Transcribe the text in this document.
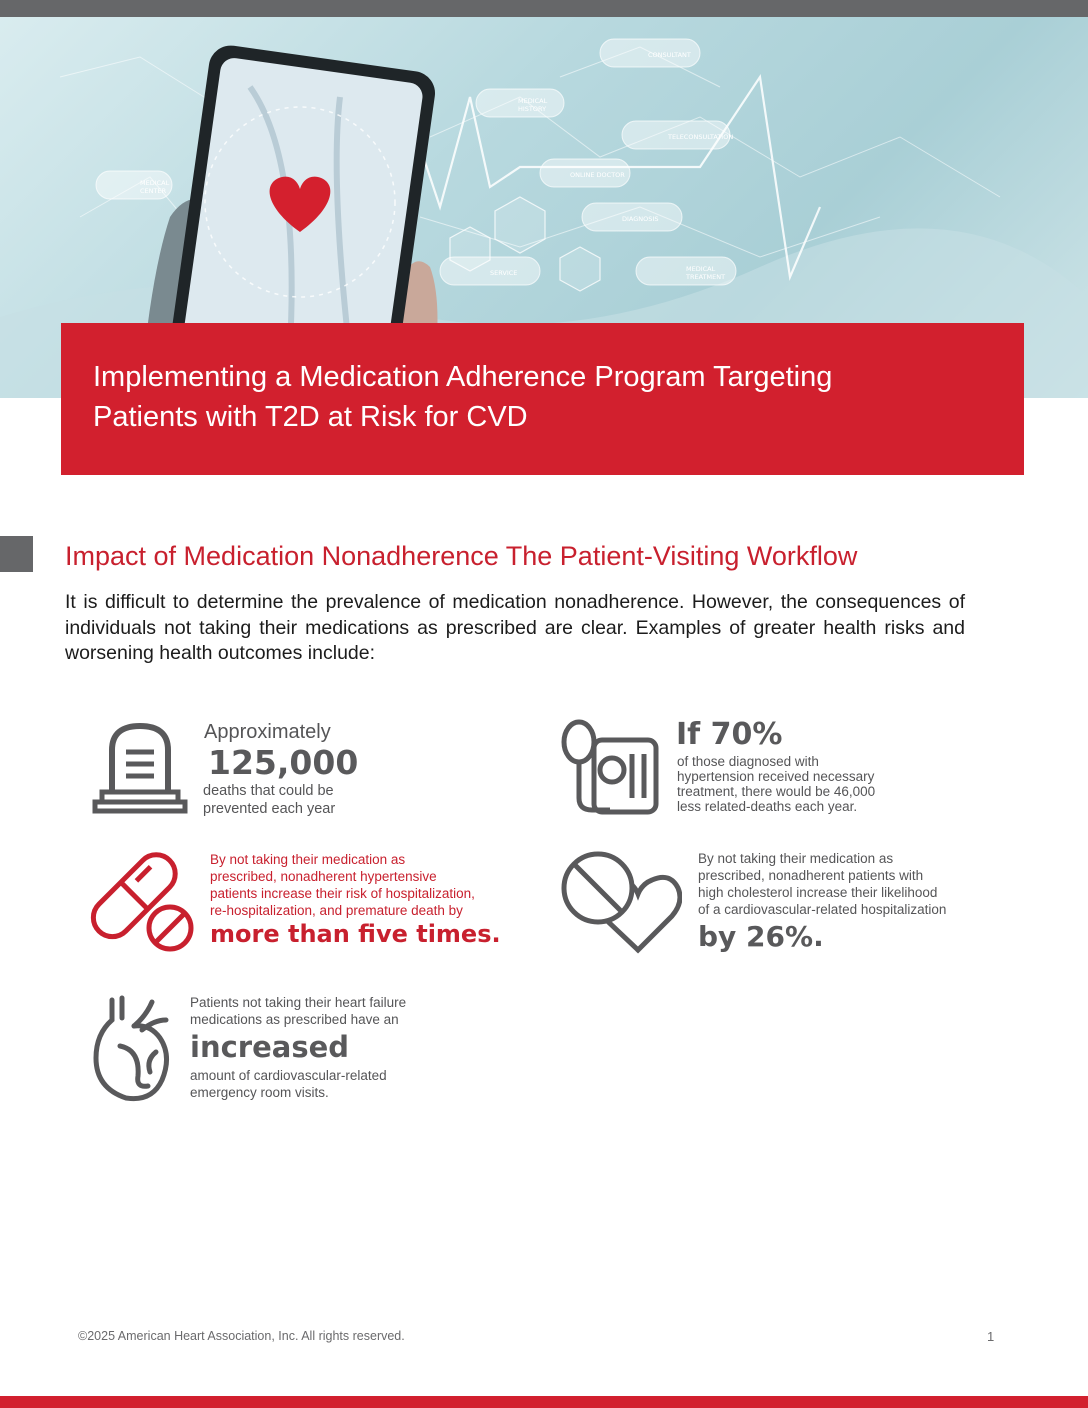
CONSULTANT
MEDICAL
HISTORY
TELECONSULTATION
ONLINE DOCTOR
DIAGNOSIS
MEDICAL
TREATMENT
SERVICE
MEDICAL
CENTER
Implementing a Medication Adherence Program Targeting
Patients with T2D at Risk for CVD
Impact of Medication Nonadherence The Patient-Visiting Workflow
It is difficult to determine the prevalence of medication nonadherence. However, the consequences of individuals not taking their medications as prescribed are clear. Examples of greater health risks and worsening health outcomes include:
Approximately
125,000
deaths that could be
prevented each year
If 70%
of those diagnosed with
hypertension received necessary
treatment, there would be 46,000
less related-deaths each year.
By not taking their medication as
prescribed, nonadherent hypertensive
patients increase their risk of hospitalization,
re-hospitalization, and premature death by
more than five times.
By not taking their medication as
prescribed, nonadherent patients with
high cholesterol increase their likelihood
of a cardiovascular-related hospitalization
by 26%.
Patients not taking their heart failure
medications as prescribed have an
increased
amount of cardiovascular-related
emergency room visits.
©2025 American Heart Association, Inc. All rights reserved.	1
